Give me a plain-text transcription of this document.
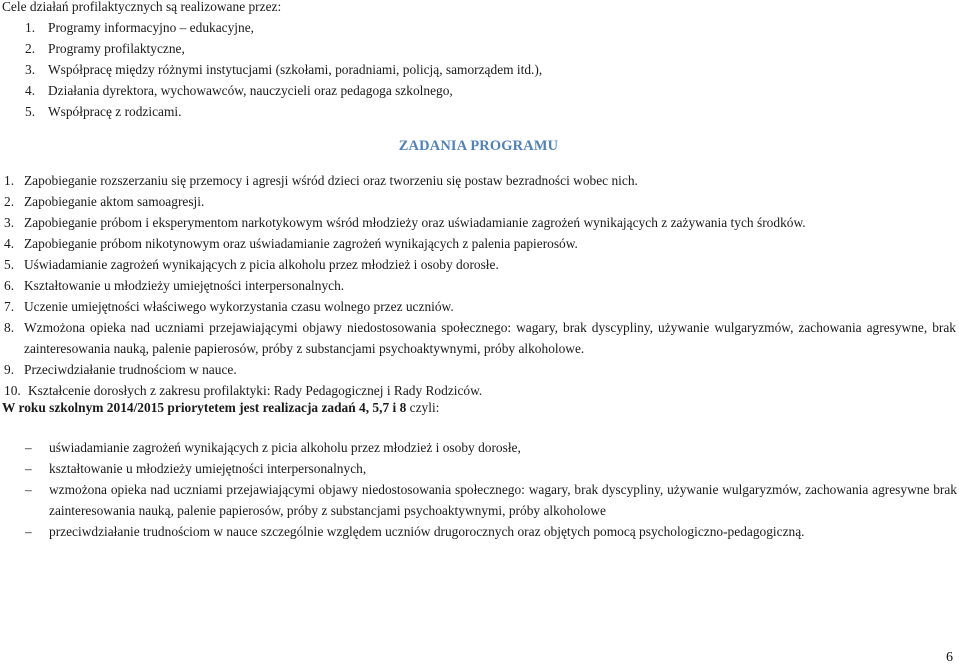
Cele działań profilaktycznych są realizowane przez:
1. Programy informacyjno – edukacyjne,
2. Programy profilaktyczne,
3. Współpracę między różnymi instytucjami (szkołami, poradniami, policją, samorządem itd.),
4. Działania dyrektora, wychowawców, nauczycieli oraz pedagoga szkolnego,
5. Współpracę z rodzicami.
ZADANIA PROGRAMU
1. Zapobieganie rozszerzaniu się przemocy i agresji wśród dzieci oraz tworzeniu się postaw bezradności wobec nich.
2. Zapobieganie aktom samoagresji.
3. Zapobieganie próbom i eksperymentom narkotykowym wśród młodzieży oraz uświadamianie zagrożeń wynikających z zażywania tych środków.
4. Zapobieganie próbom nikotynowym oraz uświadamianie zagrożeń wynikających z palenia papierosów.
5. Uświadamianie zagrożeń wynikających z picia alkoholu przez młodzież i osoby dorosłe.
6. Kształtowanie u młodzieży umiejętności interpersonalnych.
7. Uczenie umiejętności właściwego wykorzystania czasu wolnego przez uczniów.
8. Wzmożona opieka nad uczniami przejawiającymi objawy niedostosowania społecznego: wagary, brak dyscypliny, używanie wulgaryzmów, zachowania agresywne, brak zainteresowania nauką, palenie papierosów, próby z substancjami psychoaktywnymi, próby alkoholowe.
9. Przeciwdziałanie trudnościom w nauce.
10. Kształcenie dorosłych z zakresu profilaktyki: Rady Pedagogicznej i Rady Rodziców.
W roku szkolnym 2014/2015 priorytetem jest realizacja zadań 4, 5,7 i 8 czyli:
– uświadamianie zagrożeń wynikających z picia alkoholu przez młodzież i osoby dorosłe,
– kształtowanie u młodzieży umiejętności interpersonalnych,
– wzmożona opieka nad uczniami przejawiającymi objawy niedostosowania społecznego: wagary, brak dyscypliny, używanie wulgaryzmów, zachowania agresywne brak zainteresowania nauką, palenie papierosów, próby z substancjami psychoaktywnymi, próby alkoholowe
– przeciwdziałanie trudnościom w nauce szczególnie względem uczniów drugorocznych oraz objętych pomocą psychologiczno-pedagogiczną.
6
